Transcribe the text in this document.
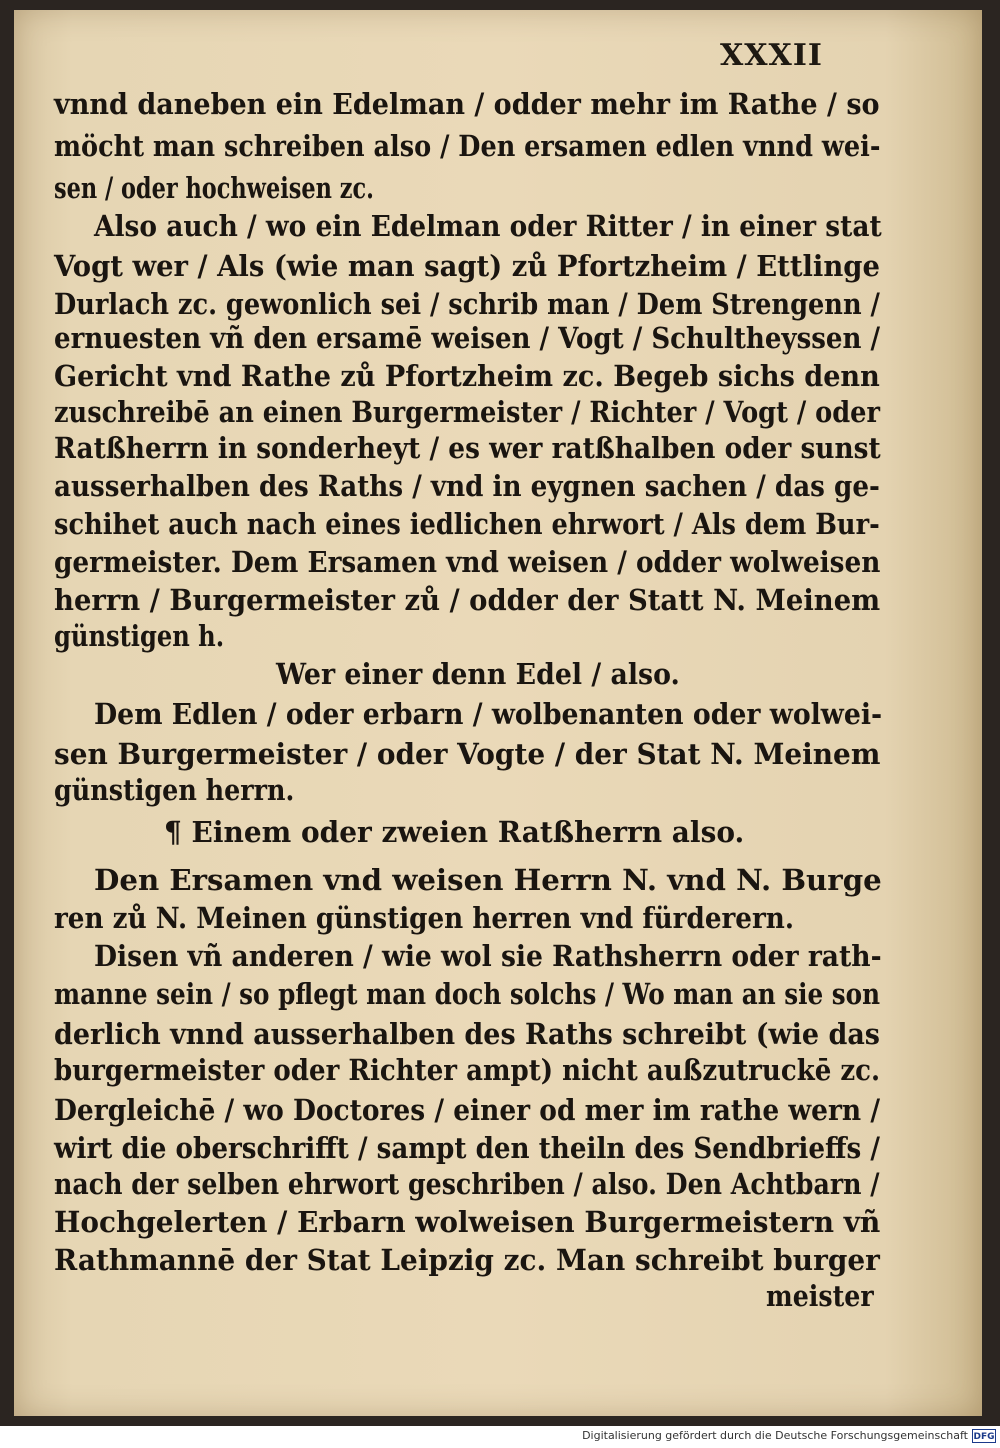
XXXII
vnnd daneben ein Edelman / odder mehr im Rathe / so
möcht man schreiben also / Den ersamen edlen vnnd wei-
sen / oder hochweisen zc.
Also auch / wo ein Edelman oder Ritter / in einer stat
Vogt wer / Als (wie man sagt) zů Pfortzheim / Ettlinge
Durlach zc. gewonlich sei / schrib man / Dem Strengenn /
ernuesten vñ den ersamē weisen / Vogt / Schultheyssen /
Gericht vnd Rathe zů Pfortzheim zc. Begeb sichs denn
zuschreibē an einen Burgermeister / Richter / Vogt / oder
Ratßherrn in sonderheyt / es wer ratßhalben oder sunst
ausserhalben des Raths / vnd in eygnen sachen / das ge-
schihet auch nach eines iedlichen ehrwort / Als dem Bur-
germeister. Dem Ersamen vnd weisen / odder wolweisen
herrn / Burgermeister zů / odder der Statt N. Meinem
günstigen h.
Wer einer denn Edel / also.
Dem Edlen / oder erbarn / wolbenanten oder wolwei-
sen Burgermeister / oder Vogte / der Stat N. Meinem
günstigen herrn.
¶ Einem oder zweien Ratßherrn also.
Den Ersamen vnd weisen Herrn N. vnd N. Burge
ren zů N. Meinen günstigen herren vnd fürderern.
Disen vñ anderen / wie wol sie Rathsherrn oder rath-
manne sein / so pflegt man doch solchs / Wo man an sie son
derlich vnnd ausserhalben des Raths schreibt (wie das
burgermeister oder Richter ampt) nicht außzutruckē zc.
Dergleichē / wo Doctores / einer od mer im rathe wern /
wirt die oberschrifft / sampt den theiln des Sendbrieffs /
nach der selben ehrwort geschriben / also. Den Achtbarn /
Hochgelerten / Erbarn wolweisen Burgermeistern vñ
Rathmannē der Stat Leipzig zc. Man schreibt burger
meister
Digitalisierung gefördert durch die Deutsche Forschungsgemeinschaft DFG
